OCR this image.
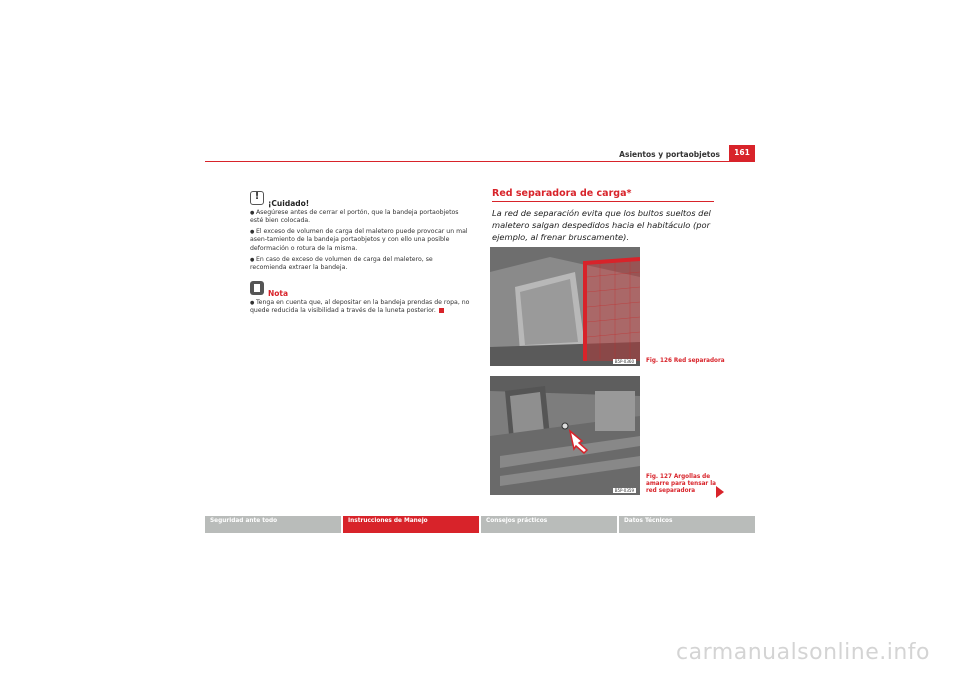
Asientos y portaobjetos	161
!
¡Cuidado!
● Asegúrese antes de cerrar el portón, que la bandeja portaobjetos esté bien colocada.
● El exceso de volumen de carga del maletero puede provocar un mal asen-tamiento de la bandeja portaobjetos y con ello una posible deformación o rotura de la misma.
● En caso de exceso de volumen de carga del maletero, se recomienda extraer la bandeja.
Nota
● Tenga en cuenta que, al depositar en la bandeja prendas de ropa, no quede reducida la visibilidad a través de la luneta posterior.
Red separadora de carga*
La red de separación evita que los bultos sueltos del maletero salgan despedidos hacia el habitáculo (por ejemplo, al frenar bruscamente).
B5P-0360	Fig. 126 Red separadora
B5P-0359
Fig. 127 Argollas de amarre para tensar la red separadora
Seguridad ante todo	Instrucciones de Manejo	Consejos prácticos	Datos Técnicos
carmanualsonline.info
